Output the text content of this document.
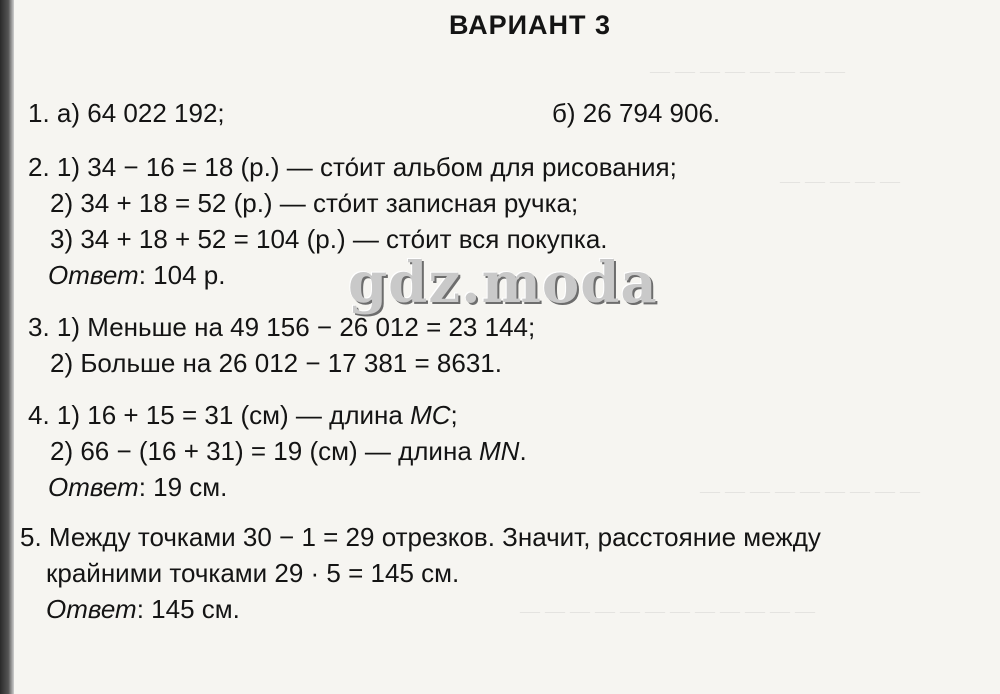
— — — — — — — —
— — — — —
— — — — — — — — —
— — — — — — — — — — — —
ВАРИАНТ 3
1. а) 64 022 192;	б) 26 794 906.
2. 1) 34 − 16 = 18 (р.) — сто́ит альбом для рисования;
2) 34 + 18 = 52 (р.) — сто́ит записная ручка;
3) 34 + 18 + 52 = 104 (р.) — сто́ит вся покупка.
Ответ: 104 р.
3. 1) Меньше на 49 156 − 26 012 = 23 144;
2) Больше на 26 012 − 17 381 = 8631.
4. 1) 16 + 15 = 31 (см) — длина MC;
2) 66 − (16 + 31) = 19 (см) — длина MN.
Ответ: 19 см.
5. Между точками 30 − 1 = 29 отрезков. Значит, расстояние между
крайними точками 29 · 5 = 145 см.
Ответ: 145 см.
gdz.moda
